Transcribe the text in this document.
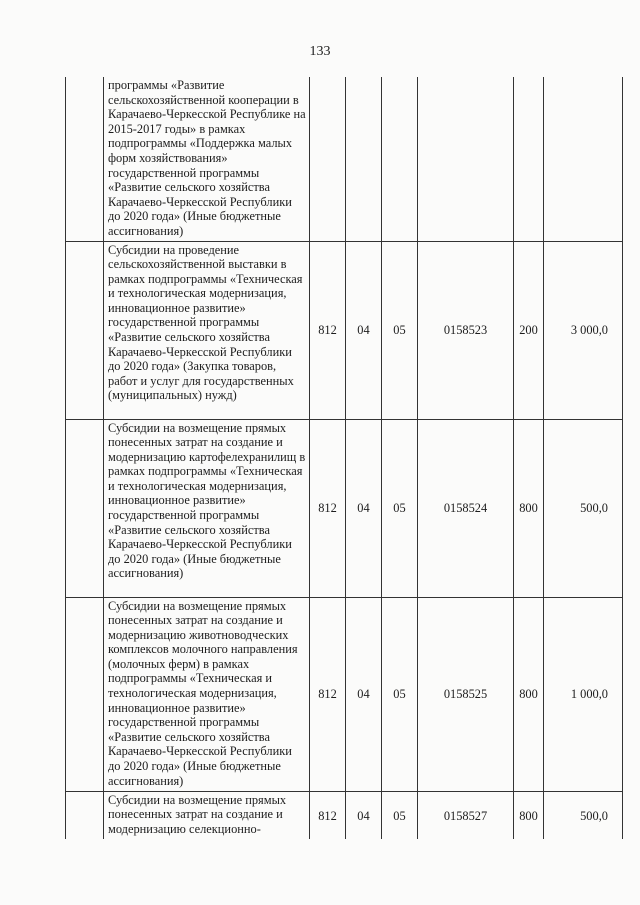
133
	программы «Развитие сельскохозяйственной кооперации в Карачаево-Черкесской Республике на 2015-2017 годы» в рамках подпрограммы «Поддержка малых форм хозяйствования» государственной программы «Развитие сельского хозяйства Карачаево-Черкесской Республики до 2020 года» (Иные бюджетные ассигнования)						
	Субсидии на проведение сельскохозяйственной выставки в рамках подпрограммы «Техническая и технологическая модернизация, инновационное развитие» государственной программы «Развитие сельского хозяйства Карачаево-Черкесской Республики до 2020 года» (Закупка товаров, работ и услуг для государственных (муниципальных) нужд)	812	04	05	0158523	200	3 000,0
	Субсидии на возмещение прямых понесенных затрат на создание и модернизацию картофелехранилищ в рамках подпрограммы «Техническая и технологическая модернизация, инновационное развитие» государственной программы «Развитие сельского хозяйства Карачаево-Черкесской Республики до 2020 года» (Иные бюджетные ассигнования)	812	04	05	0158524	800	500,0
	Субсидии на возмещение прямых понесенных затрат на создание и модернизацию животноводческих комплексов молочного направления (молочных ферм) в рамках подпрограммы «Техническая и технологическая модернизация, инновационное развитие» государственной программы «Развитие сельского хозяйства Карачаево-Черкесской Республики до 2020 года» (Иные бюджетные ассигнования)	812	04	05	0158525	800	1 000,0
	Субсидии на возмещение прямых понесенных затрат на создание и модернизацию селекционно-	812	04	05	0158527	800	500,0
